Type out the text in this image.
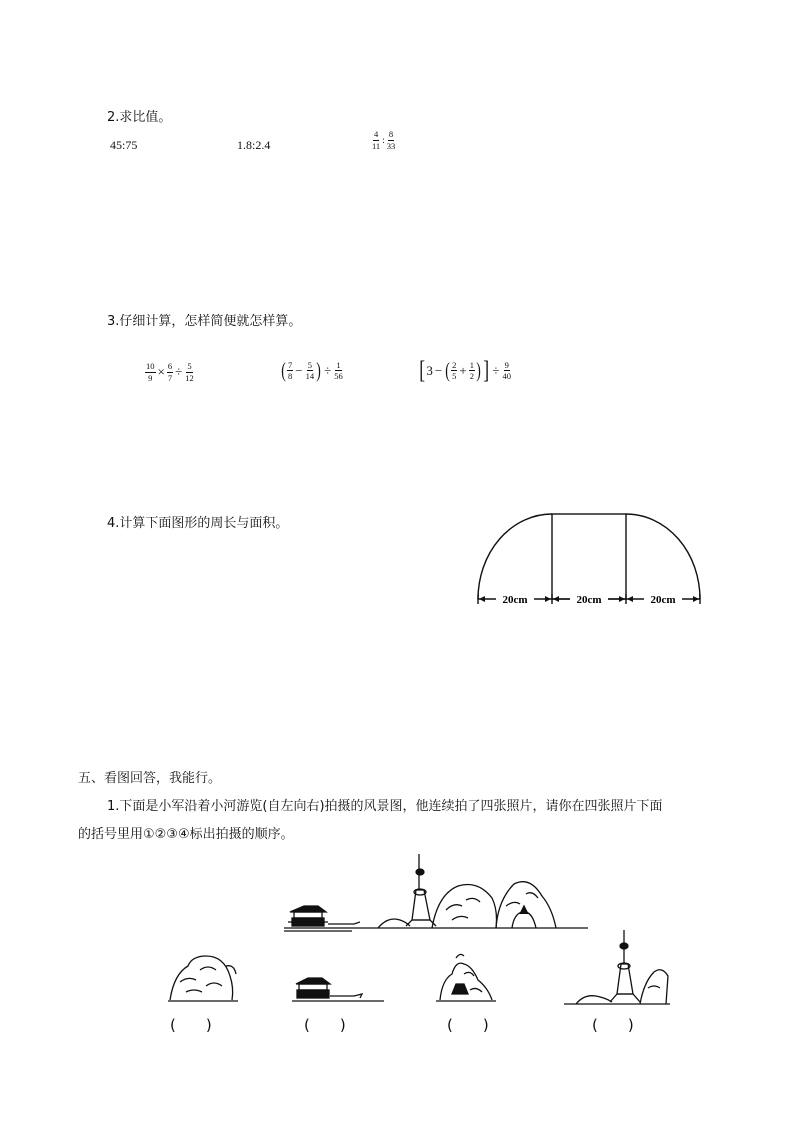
2.求比值。
45:75	1.8:2.4	$\frac{4}{11}$ : $\frac{8}{33}$
3.仔细计算，怎样简便就怎样算。
$\frac{10}{9} \times \frac{6}{7} \div \frac{5}{12}$	( $\frac{7}{8} - \frac{5}{14}$ ) ÷ $\frac{1}{56}$	[ 3 − ( $\frac{2}{5} + \frac{1}{2}$ ) ] ÷ $\frac{9}{40}$
4.计算下面图形的周长与面积。
20cm	20cm	20cm
五、看图回答，我能行。
1.下面是小军沿着小河游览(自左向右)拍摄的风景图，他连续拍了四张照片，请你在四张照片下面
的括号里用①②③④标出拍摄的顺序。
(　　)	(　　)	(　　)	(　　)
